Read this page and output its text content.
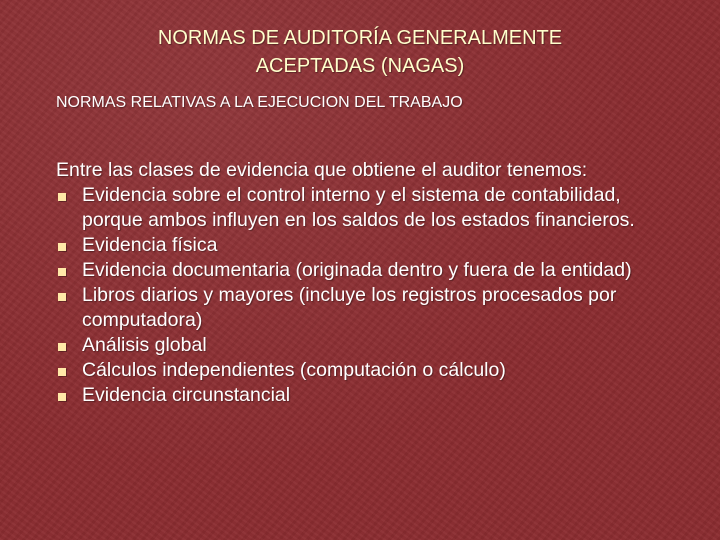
NORMAS DE AUDITORÍA GENERALMENTE
ACEPTADAS (NAGAS)
NORMAS RELATIVAS A LA EJECUCION DEL TRABAJO
Entre las clases de evidencia que obtiene el auditor tenemos:
Evidencia sobre el control interno y el sistema de contabilidad, porque ambos influyen en los saldos de los estados financieros.
Evidencia física
Evidencia documentaria (originada dentro y fuera de la entidad)
Libros diarios y mayores (incluye los registros procesados por computadora)
Análisis global
Cálculos independientes (computación o cálculo)
Evidencia circunstancial
